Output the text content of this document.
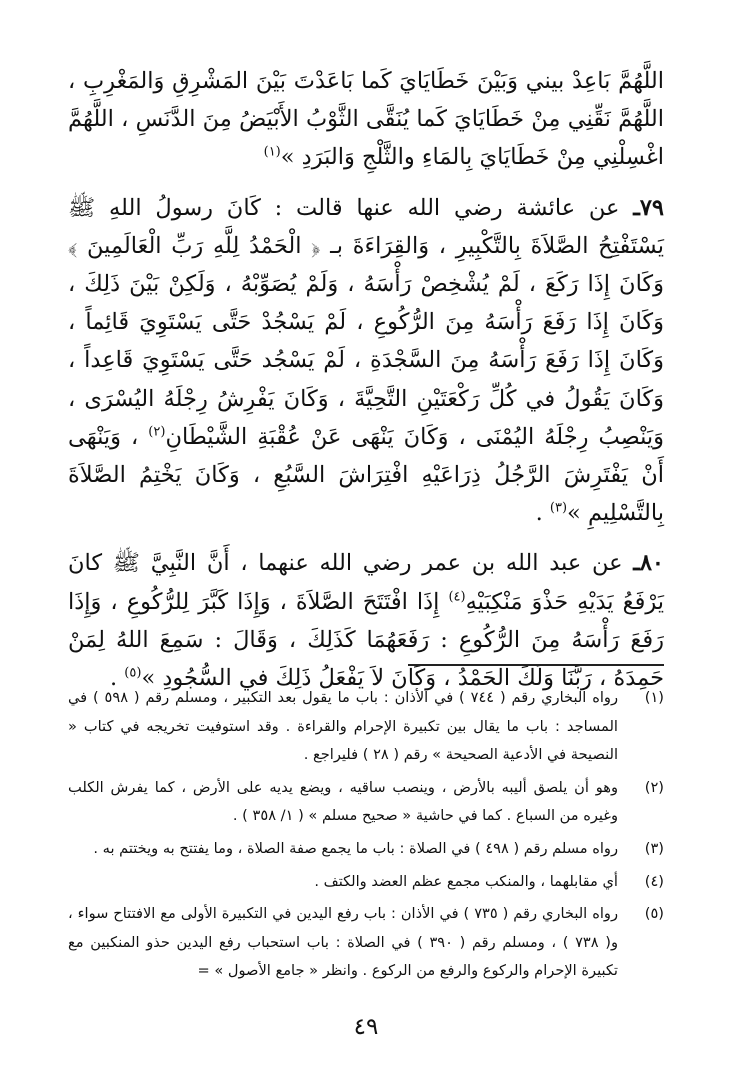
اللَّهُمَّ بَاعِدْ بيني وَبَيْنَ خَطَايَايَ كَما بَاعَدْتَ بَيْنَ المَشْرِقِ وَالمَغْرِبِ ، اللَّهُمَّ نَقِّنِي مِنْ خَطَايَايَ كَما يُنَقَّى الثَّوْبُ الأَبْيَضُ مِنَ الدَّنَسِ ، اللَّهُمَّ اغْسِلْنِي مِنْ خَطَايَايَ بِالمَاءِ والثَّلْجِ وَالبَرَدِ »$^{(١)}$

٧٩ـ عن عائشة رضي الله عنها قالت : كَانَ رسولُ اللهِ ﷺ يَسْتَفْتِحُ الصَّلاَةَ بِالتَّكْبِيرِ ، وَالقِرَاءَةَ بـ ﴿ الْحَمْدُ لِلَّهِ رَبِّ الْعَالَمِينَ ﴾ وَكَانَ إِذَا رَكَعَ ، لَمْ يُشْخِصْ رَأْسَهُ ، وَلَمْ يُصَوِّبْهُ ، وَلَكِنْ بَيْنَ ذَلِكَ ، وَكَانَ إِذَا رَفَعَ رَأْسَهُ مِنَ الرُّكُوعِ ، لَمْ يَسْجُدْ حَتَّى يَسْتَوِيَ قَائِماً ، وَكَانَ إِذَا رَفَعَ رَأْسَهُ مِنَ السَّجْدَةِ ، لَمْ يَسْجُد حَتَّى يَسْتَوِيَ قَاعِداً ، وَكَانَ يَقُولُ في كُلِّ رَكْعَتَيْنِ التَّحِيَّةَ ، وَكَانَ يَفْرِشُ رِجْلَهُ اليُسْرَى ، وَيَنْصِبُ رِجْلَهُ اليُمْنَى ، وَكَانَ يَنْهَى عَنْ عُقْبَةِ الشَّيْطَانِ$^{(٢)}$ ، وَيَنْهَى أَنْ يَفْتَرِشَ الرَّجُلُ ذِرَاعَيْهِ افْتِرَاشَ السَّبُعِ ، وَكَانَ يَخْتِمُ الصَّلاَةَ بِالتَّسْلِيمِ »$^{(٣)}$ .

٨٠ـ عن عبد الله بن عمر رضي الله عنهما ، أَنَّ النَّبِيَّ ﷺ كانَ يَرْفَعُ يَدَيْهِ حَذْوَ مَنْكِبَيْهِ$^{(٤)}$ إِذَا افْتَتَحَ الصَّلاَةَ ، وَإِذَا كَبَّرَ لِلرُّكُوعِ ، وَإِذَا رَفَعَ رَأْسَهُ مِنَ الرُّكُوعِ : رَفَعَهُمَا كَذَلِكَ ، وَقَالَ : سَمِعَ اللهُ لِمَنْ حَمِدَهُ ، رَبَّنَا وَلَكَ الحَمْدُ ، وَكَانَ لاَ يَفْعَلُ ذَلِكَ في السُّجُودِ »$^{(٥)}$ .

(١)
رواه البخاري رقم ( ٧٤٤ ) في الأذان : باب ما يقول بعد التكبير ، ومسلم رقم ( ٥٩٨ ) في المساجد : باب ما يقال بين تكبيرة الإحرام والقراءة . وقد استوفيت تخريجه في كتاب « النصيحة في الأدعية الصحيحة » رقم ( ٢٨ ) فليراجع .
(٢)
وهو أن يلصق أليبه بالأرض ، وينصب ساقيه ، ويضع يديه على الأرض ، كما يفرش الكلب وغيره من السباع . كما في حاشية « صحيح مسلم » ( ١/ ٣٥٨ ) .
(٣)
رواه مسلم رقم ( ٤٩٨ ) في الصلاة : باب ما يجمع صفة الصلاة ، وما يفتتح به ويختتم به .
(٤)
أي مقابلهما ، والمنكب مجمع عظم العضد والكتف .
(٥)
رواه البخاري رقم ( ٧٣٥ ) في الأذان : باب رفع اليدين في التكبيرة الأولى مع الافتتاح سواء ، و( ٧٣٨ ) ، ومسلم رقم ( ٣٩٠ ) في الصلاة : باب استحباب رفع اليدين حذو المنكبين مع تكبيرة الإحرام والركوع والرفع من الركوع . وانظر « جامع الأصول » =
٤٩
